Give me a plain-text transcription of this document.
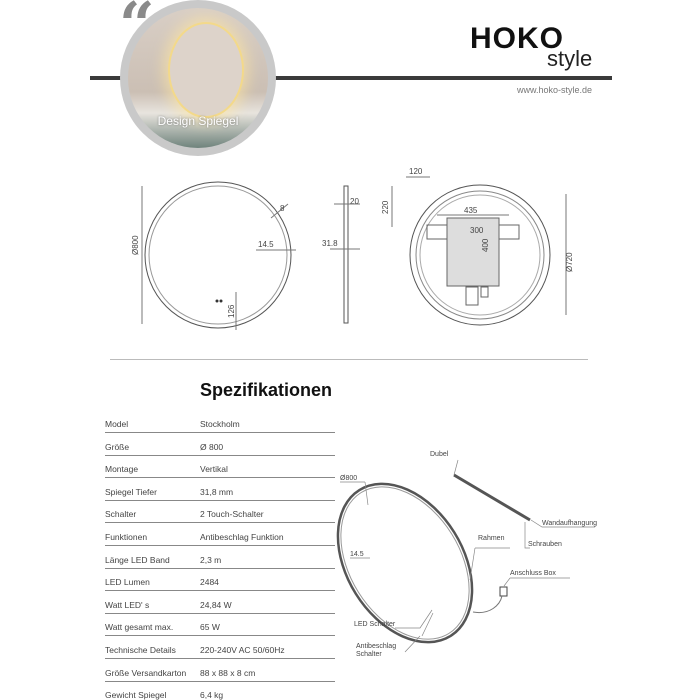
Design Spiegel
“	HOKO
style
www.hoko-style.de
Ø800
8
14.5
126
20
31.8
120
220	435
300
400
Ø720
Spezifikationen
Model	Stockholm
Größe	Ø 800
Montage	Vertikal
Spiegel Tiefer	31,8 mm
Schalter	2 Touch-Schalter
Funktionen	Antibeschlag Funktion
Länge LED Band	2,3 m
LED Lumen	2484
Watt LED' s	24,84 W
Watt gesamt max.	65 W
Technische Details	220-240V AC 50/60Hz
Größe Versandkarton 88 x 88 x 8 cm
Gewicht Spiegel	6,4 kg
Dubel
Wandaufhangung
Schrauben
Rahmen
Anschluss Box
Ø800
14.5
LED Schalter
Antibeschlag
Schalter
